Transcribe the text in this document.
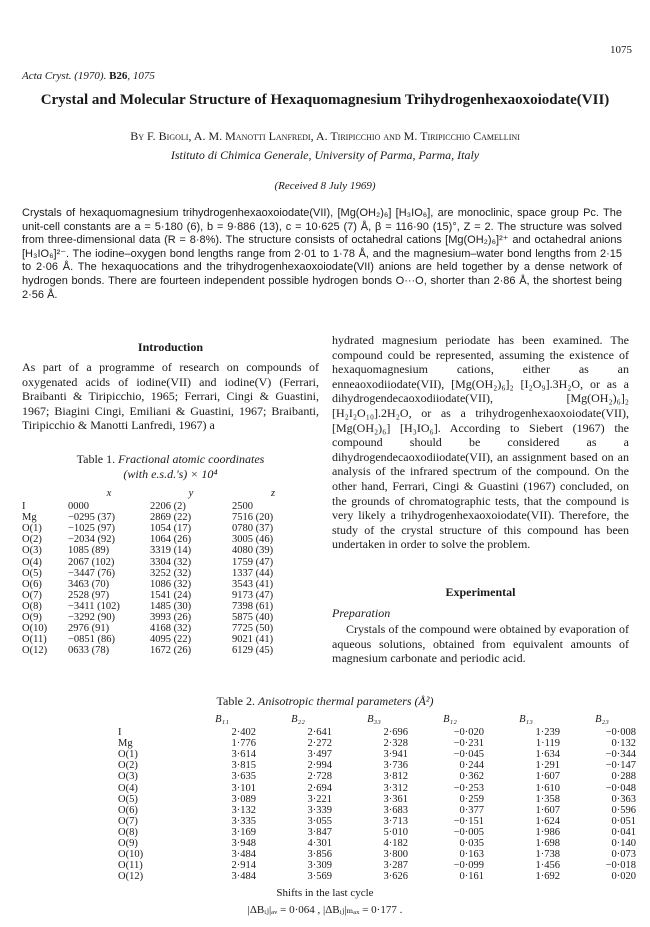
1075
Acta Cryst. (1970). B26, 1075
Crystal and Molecular Structure of Hexaquomagnesium Trihydrogenhexaoxoiodate(VII)
By F. Bigoli, A. M. Manotti Lanfredi, A. Tiripicchio and M. Tiripicchio Camellini
Istituto di Chimica Generale, University of Parma, Parma, Italy
(Received 8 July 1969)
Crystals of hexaquomagnesium trihydrogenhexaoxoiodate(VII), [Mg(OH₂)₆] [H₃IO₆], are monoclinic, space group Pc. The unit-cell constants are a = 5·180 (6), b = 9·886 (13), c = 10·625 (7) Å, β = 116·90 (15)°, Z = 2. The structure was solved from three-dimensional data (R = 8·8%). The structure consists of octahedral cations [Mg(OH₂)₆]²⁺ and octahedral anions [H₃IO₆]²⁻. The iodine–oxygen bond lengths range from 2·01 to 1·78 Å, and the magnesium–water bond lengths from 2·15 to 2·06 Å. The hexaquocations and the trihydrogenhexaoxoiodate(VII) anions are held together by a dense network of hydrogen bonds. There are fourteen independent possible hydrogen bonds O···O, shorter than 2·86 Å, the shortest being 2·56 Å.
Introduction
As part of a programme of research on compounds of oxygenated acids of iodine(VII) and iodine(V) (Ferrari, Braibanti & Tiripicchio, 1965; Ferrari, Cingi & Guastini, 1967; Biagini Cingi, Emiliani & Guastini, 1967; Braibanti, Tiripicchio & Manotti Lanfredi, 1967) a
Table 1. Fractional atomic coordinates
(with e.s.d.'s) × 10⁴
	x	y	z
I	0000	2206 (2)	2500
Mg	−0295 (37)	2869 (22)	7516 (20)
O(1)	−1025 (97)	1054 (17)	0780 (37)
O(2)	−2034 (92)	1064 (26)	3005 (46)
O(3)	1085 (89)	3319 (14)	4080 (39)
O(4)	2067 (102)	3304 (32)	1759 (47)
O(5)	−3447 (76)	3252 (32)	1337 (44)
O(6)	3463 (70)	1086 (32)	3543 (41)
O(7)	2528 (97)	1541 (24)	9173 (47)
O(8)	−3411 (102)	1485 (30)	7398 (61)
O(9)	−3292 (90)	3993 (26)	5875 (40)
O(10)	2976 (91)	4168 (32)	7725 (50)
O(11)	−0851 (86)	4095 (22)	9021 (41)
O(12)	0633 (78)	1672 (26)	6129 (45)
hydrated magnesium periodate has been examined. The compound could be represented, assuming the existence of hexaquomagnesium cations, either as an enneaoxodiiodate(VII), [Mg(OH₂)₆]₂ [I₂O₉].3H₂O, or as a dihydrogendecaoxodiiodate(VII), [Mg(OH₂)₆]₂ [H₂I₂O₁₀].2H₂O, or as a trihydrogenhexaoxoiodate(VII), [Mg(OH₂)₆] [H₃IO₆]. According to Siebert (1967) the compound should be considered as a dihydrogendecaoxodiiodate(VII), an assignment based on an analysis of the infrared spectrum of the compound. On the other hand, Ferrari, Cingi & Guastini (1967) concluded, on the grounds of chromatographic tests, that the compound is very likely a trihydrogenhexaoxoiodate(VII). Therefore, the study of the crystal structure of this compound has been undertaken in order to solve the problem.
Experimental
Preparation
Crystals of the compound were obtained by evaporation of aqueous solutions, obtained from equivalent amounts of magnesium carbonate and periodic acid.
Table 2. Anisotropic thermal parameters (Å²)
	B₁₁	B₂₂	B₃₃	B₁₂	B₁₃	B₂₃
I	2·402	2·641	2·696	−0·020	1·239	−0·008
Mg	1·776	2·272	2·328	−0·231	1·119	0·132
O(1)	3·614	3·497	3·941	−0·045	1·634	−0·344
O(2)	3·815	2·994	3·736	0·244	1·291	−0·147
O(3)	3·635	2·728	3·812	0·362	1·607	0·288
O(4)	3·101	2·694	3·312	−0·253	1·610	−0·048
O(5)	3·089	3·221	3·361	0·259	1·358	0·363
O(6)	3·132	3·339	3·683	0·377	1·607	0·596
O(7)	3·335	3·055	3·713	−0·151	1·624	0·051
O(8)	3·169	3·847	5·010	−0·005	1·986	0·041
O(9)	3·948	4·301	4·182	0·035	1·698	0·140
O(10)	3·484	3·856	3·800	0·163	1·738	0·073
O(11)	2·914	3·309	3·287	−0·099	1·456	−0·018
O(12)	3·484	3·569	3·626	0·161	1·692	0·020
Shifts in the last cycle
|ΔBᵢⱼ|ₐᵥ = 0·064 , |ΔBᵢⱼ|ₘₐₓ = 0·177 .
